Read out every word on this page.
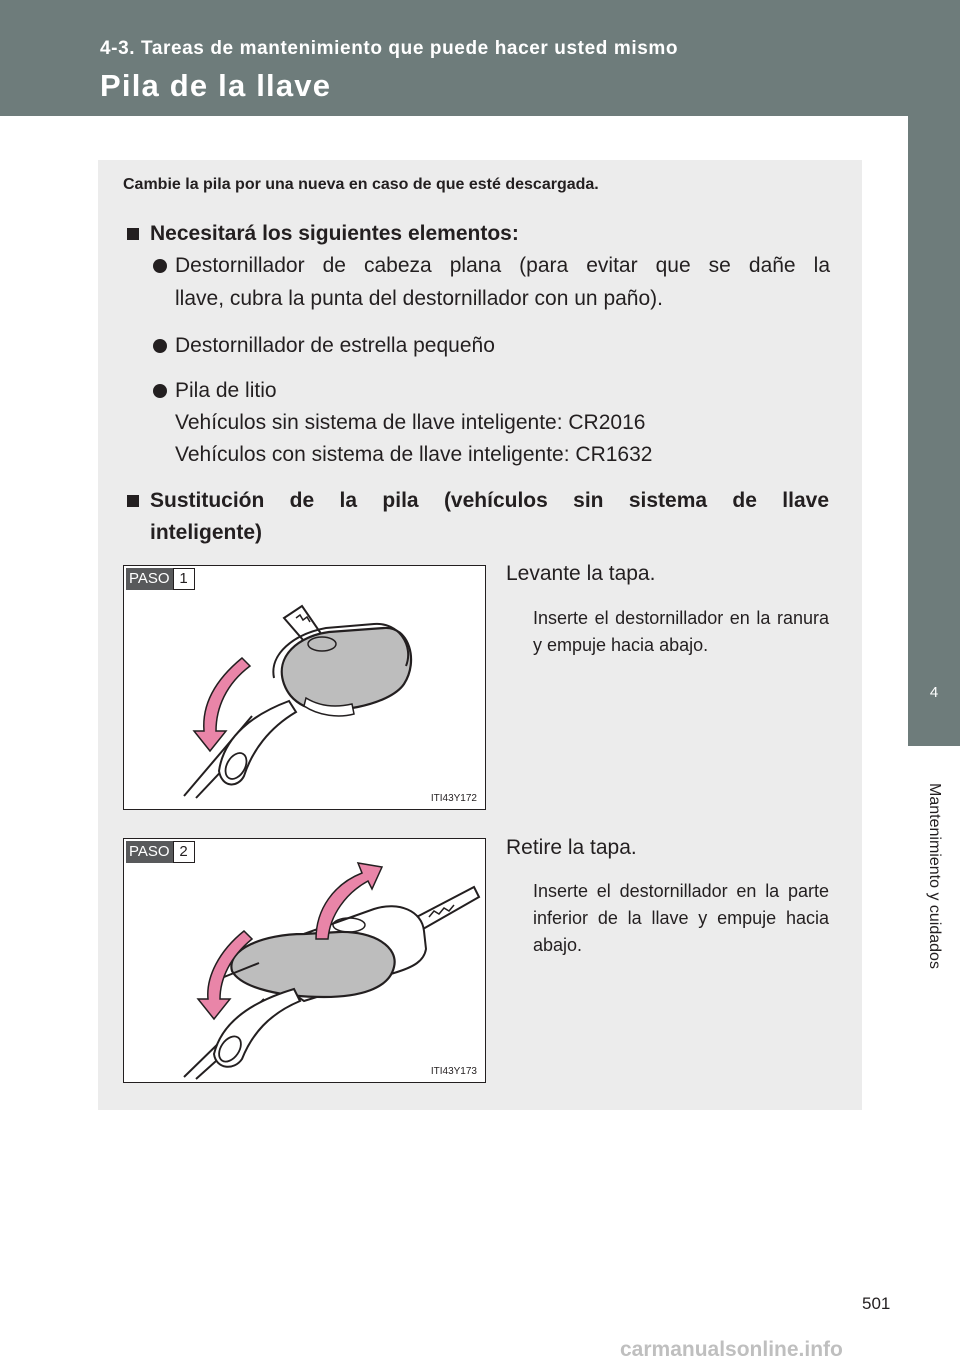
4-3. Tareas de mantenimiento que puede hacer usted mismo
Pila de la llave
4
Mantenimiento y cuidados
Cambie la pila por una nueva en caso de que esté descargada.
Necesitará los siguientes elementos:
Destornillador de cabeza plana (para evitar que se dañe la
llave, cubra la punta del destornillador con un paño).
Destornillador de estrella pequeño
Pila de litio
Vehículos sin sistema de llave inteligente: CR2016
Vehículos con sistema de llave inteligente: CR1632
Sustitución de la pila (vehículos sin sistema de llave
inteligente)
PASO 1
ITI43Y172
Levante la tapa.
Inserte el destornillador en la ranura y empuje hacia abajo.
PASO 2
ITI43Y173
Retire la tapa.
Inserte el destornillador en la parte inferior de la llave y empuje hacia abajo.
501
carmanualsonline.info
